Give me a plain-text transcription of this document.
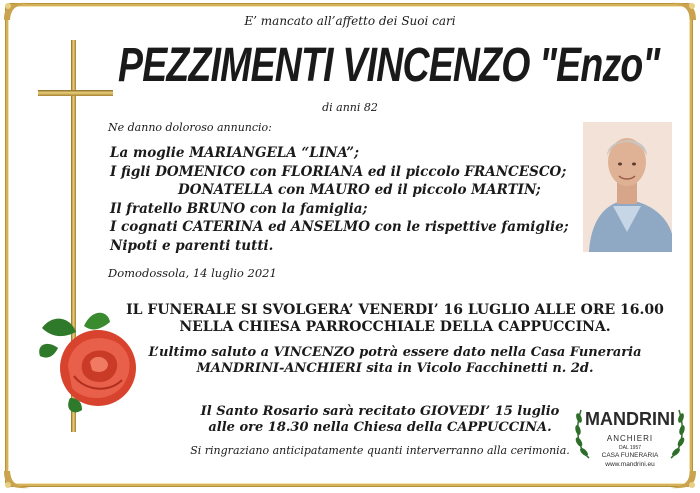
E’ mancato all’affetto dei Suoi cari
PEZZIMENTI VINCENZO "Enzo"
di anni 82
Ne danno doloroso annuncio:
La moglie MARIANGELA “LINA”;
I figli DOMENICO con FLORIANA ed il piccolo FRANCESCO;
DONATELLA con MAURO ed il piccolo MARTIN;
Il fratello BRUNO con la famiglia;
I cognati CATERINA ed ANSELMO con le rispettive famiglie;
Nipoti e parenti tutti.
Domodossola, 14 luglio 2021
IL FUNERALE SI SVOLGERA’ VENERDI’ 16 LUGLIO ALLE ORE 16.00
NELLA CHIESA PARROCCHIALE DELLA CAPPUCCINA.
L’ultimo saluto a VINCENZO potrà essere dato nella Casa Funeraria
MANDRINI-ANCHIERI sita in Vicolo Facchinetti n. 2d.
Il Santo Rosario sarà recitato GIOVEDI’ 15 luglio
alle ore 18.30 nella Chiesa della CAPPUCCINA.
Si ringraziano anticipatamente quanti interverranno alla cerimonia.
MANDRINI
ANCHIERI
DAL 1957
CASA FUNERARIA
www.mandrini.eu
